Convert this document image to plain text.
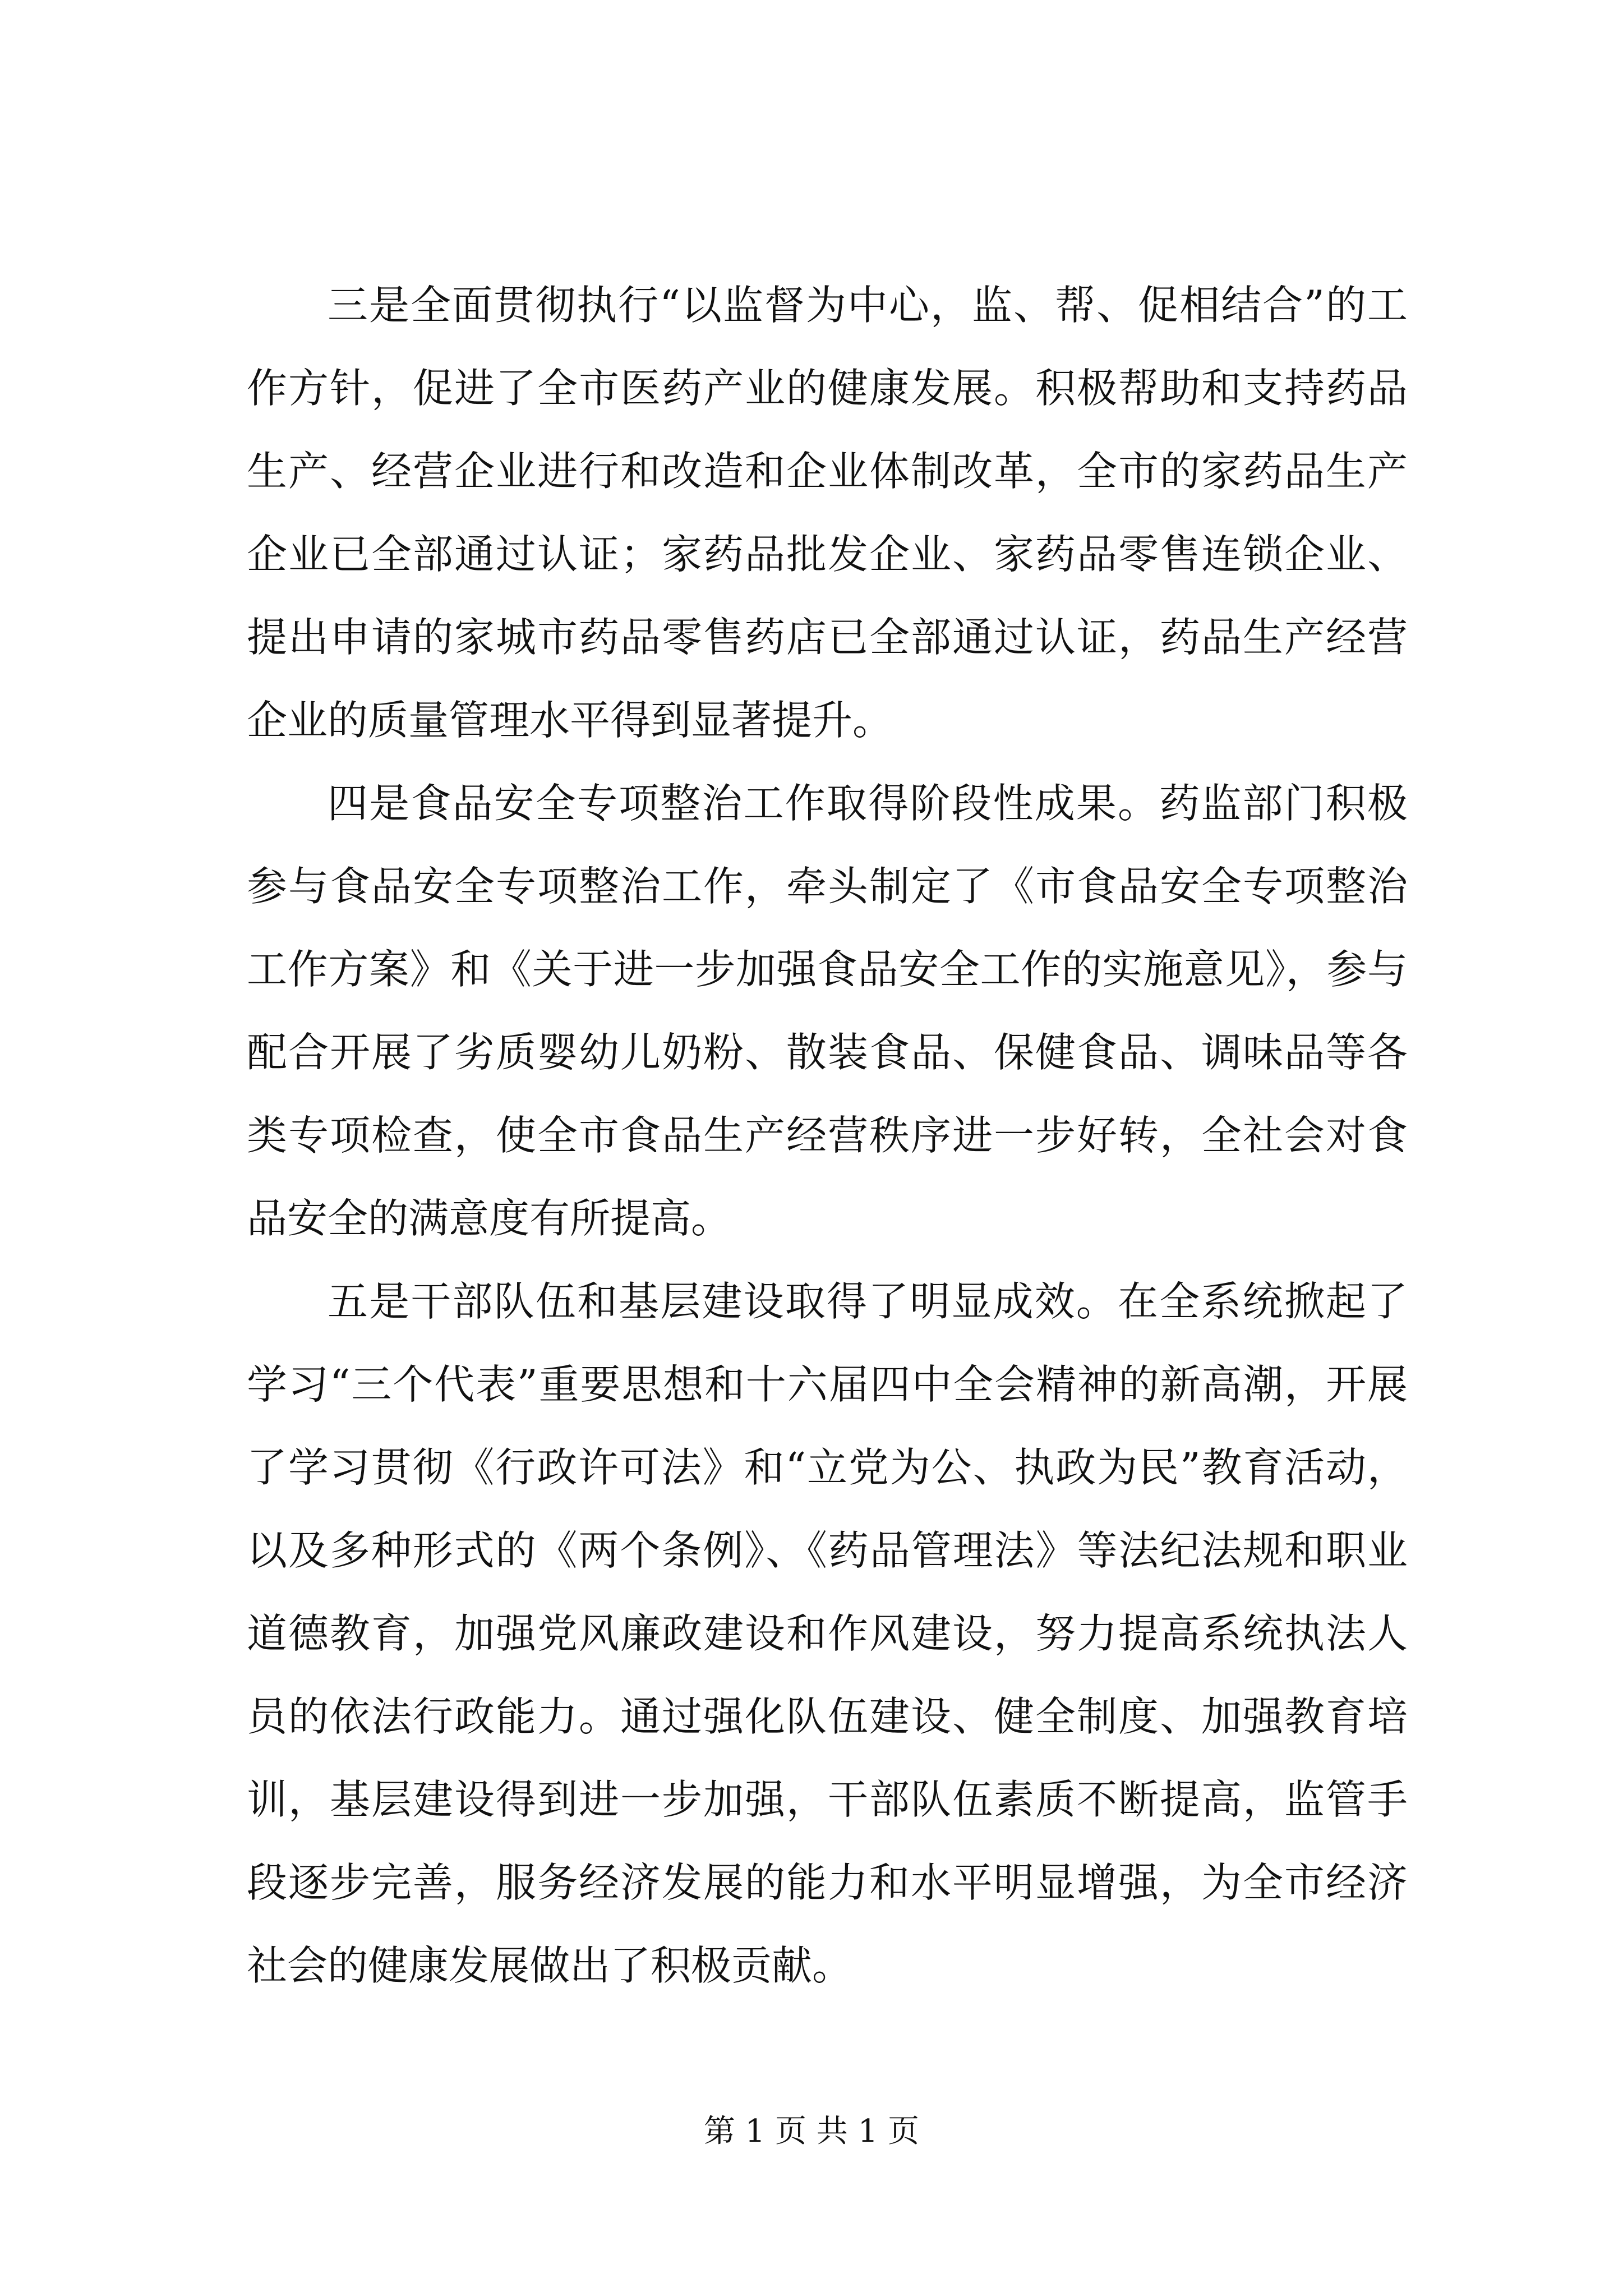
三是全面贯彻执行“以监督为中心，监、帮、促相结合”的工作方针，促进了全市医药产业的健康发展。积极帮助和支持药品生产、经营企业进行和改造和企业体制改革，全市的家药品生产企业已全部通过认证；家药品批发企业、家药品零售连锁企业、提出申请的家城市药品零售药店已全部通过认证，药品生产经营企业的质量管理水平得到显著提升。

四是食品安全专项整治工作取得阶段性成果。药监部门积极参与食品安全专项整治工作，牵头制定了《市食品安全专项整治工作方案》和《关于进一步加强食品安全工作的实施意见》，参与配合开展了劣质婴幼儿奶粉、散装食品、保健食品、调味品等各类专项检查，使全市食品生产经营秩序进一步好转，全社会对食品安全的满意度有所提高。

五是干部队伍和基层建设取得了明显成效。在全系统掀起了学习“三个代表”重要思想和十六届四中全会精神的新高潮，开展了学习贯彻《行政许可法》和“立党为公、执政为民”教育活动，以及多种形式的《两个条例》、《药品管理法》等法纪法规和职业道德教育，加强党风廉政建设和作风建设，努力提高系统执法人员的依法行政能力。通过强化队伍建设、健全制度、加强教育培训，基层建设得到进一步加强，干部队伍素质不断提高，监管手段逐步完善，服务经济发展的能力和水平明显增强，为全市经济社会的健康发展做出了积极贡献。

第 1 页 共 1 页
